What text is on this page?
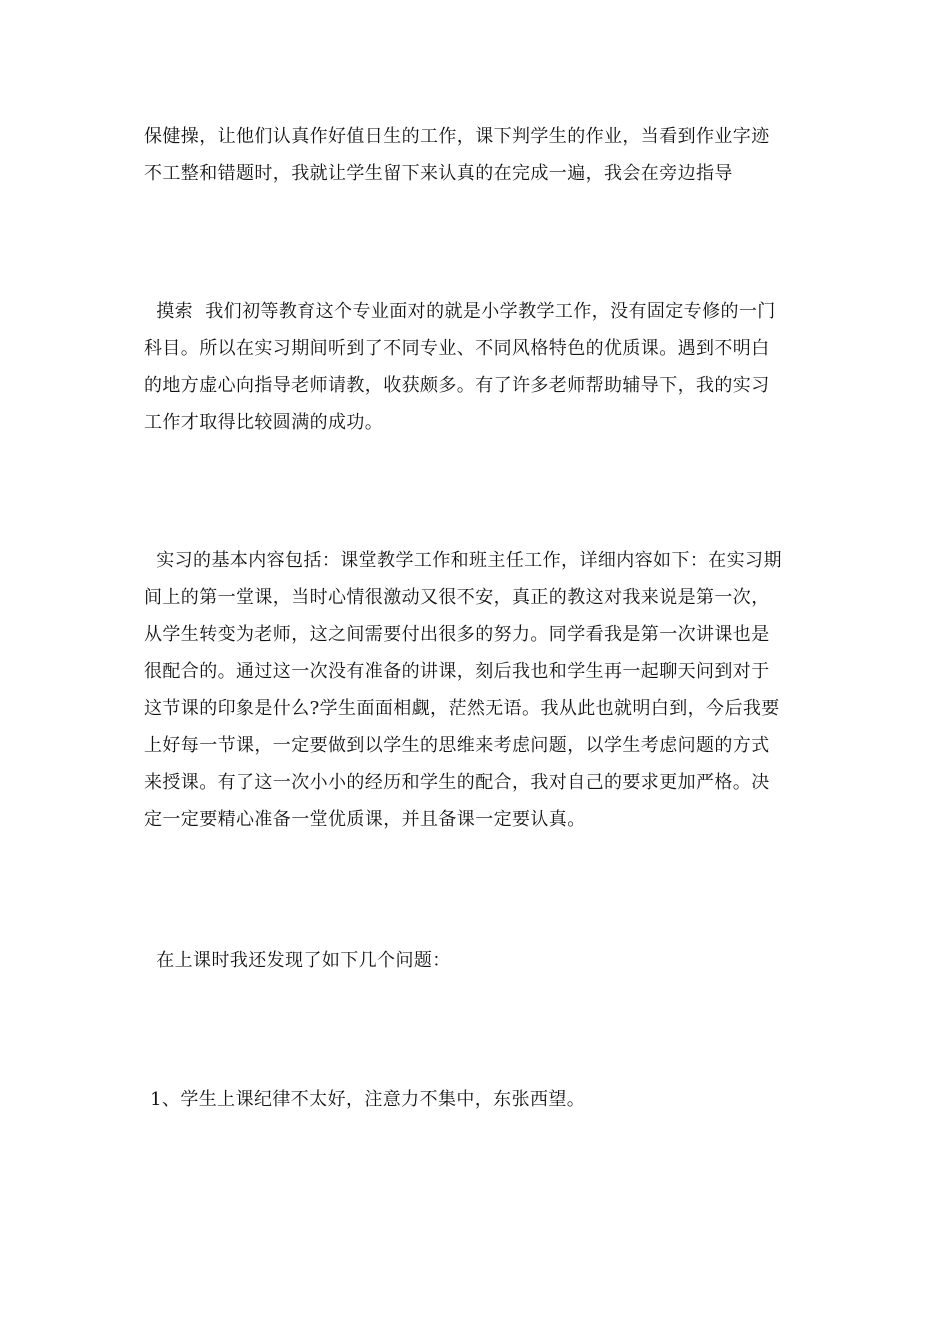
保健操，让他们认真作好值日生的工作，课下判学生的作业，当看到作业字迹
不工整和错题时，我就让学生留下来认真的在完成一遍，我会在旁边指导
摸索  我们初等教育这个专业面对的就是小学教学工作，没有固定专修的一门
科目。所以在实习期间听到了不同专业、不同风格特色的优质课。遇到不明白
的地方虚心向指导老师请教，收获颇多。有了许多老师帮助辅导下，我的实习
工作才取得比较圆满的成功。
实习的基本内容包括：课堂教学工作和班主任工作，详细内容如下：在实习期
间上的第一堂课，当时心情很激动又很不安，真正的教这对我来说是第一次，
从学生转变为老师，这之间需要付出很多的努力。同学看我是第一次讲课也是
很配合的。通过这一次没有准备的讲课，刻后我也和学生再一起聊天问到对于
这节课的印象是什么?学生面面相觑，茫然无语。我从此也就明白到，今后我要
上好每一节课，一定要做到以学生的思维来考虑问题，以学生考虑问题的方式
来授课。有了这一次小小的经历和学生的配合，我对自己的要求更加严格。决
定一定要精心准备一堂优质课，并且备课一定要认真。
在上课时我还发现了如下几个问题：
1、学生上课纪律不太好，注意力不集中，东张西望。
